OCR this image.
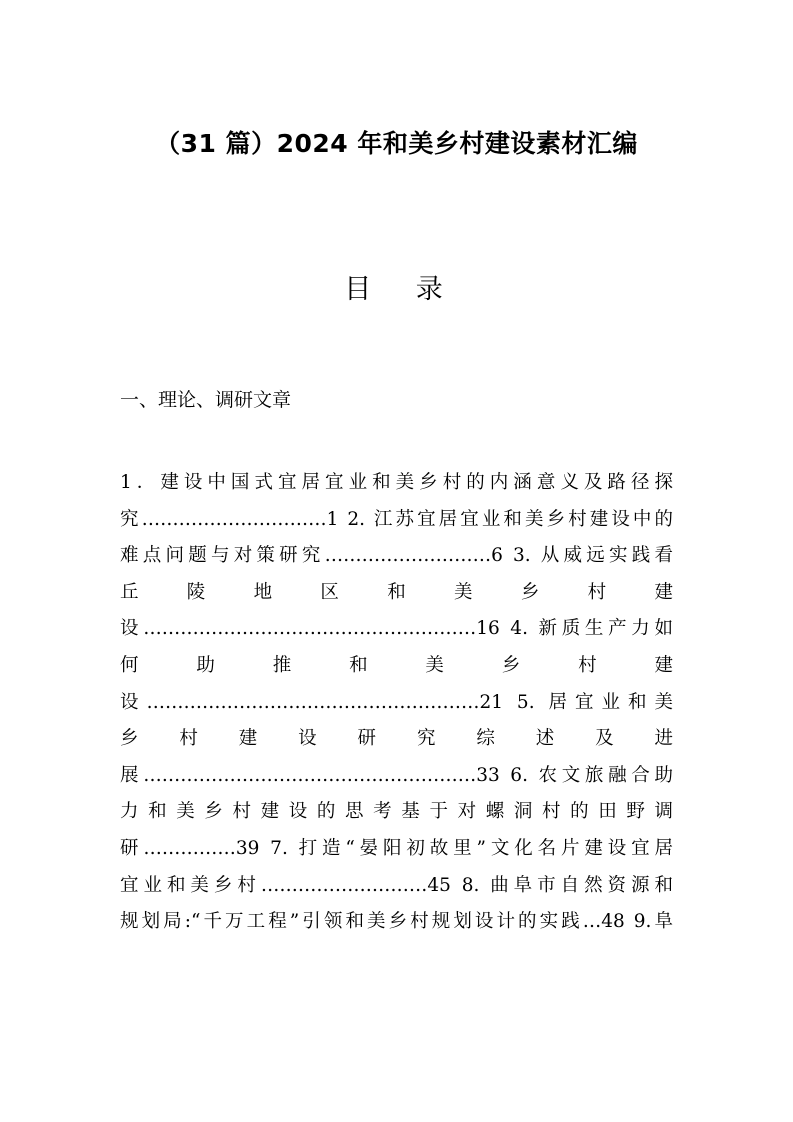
（31 篇）2024 年和美乡村建设素材汇编
目 录
一、理论、调研文章
1．建设中国式宜居宜业和美乡村的内涵意义及路径探
究…………………………1 2. 江苏宜居宜业和美乡村建设中的
难点问题与对策研究………………………6 3. 从威远实践看
丘 陵 地 区 和 美 乡 村 建
设………………………………………………16 4. 新质生产力如
何 助 推 和 美 乡 村 建
设………………………………………………21 5. 居宜业和美
乡 村 建 设 研 究 综 述 及 进
展………………………………………………33 6. 农文旅融合助
力和美乡村建设的思考基于对螺洞村的田野调
研……………39 7. 打造“晏阳初故里”文化名片建设宜居
宜业和美乡村………………………45 8. 曲阜市自然资源和
规划局:“千万工程”引领和美乡村规划设计的实践…48 9.阜
